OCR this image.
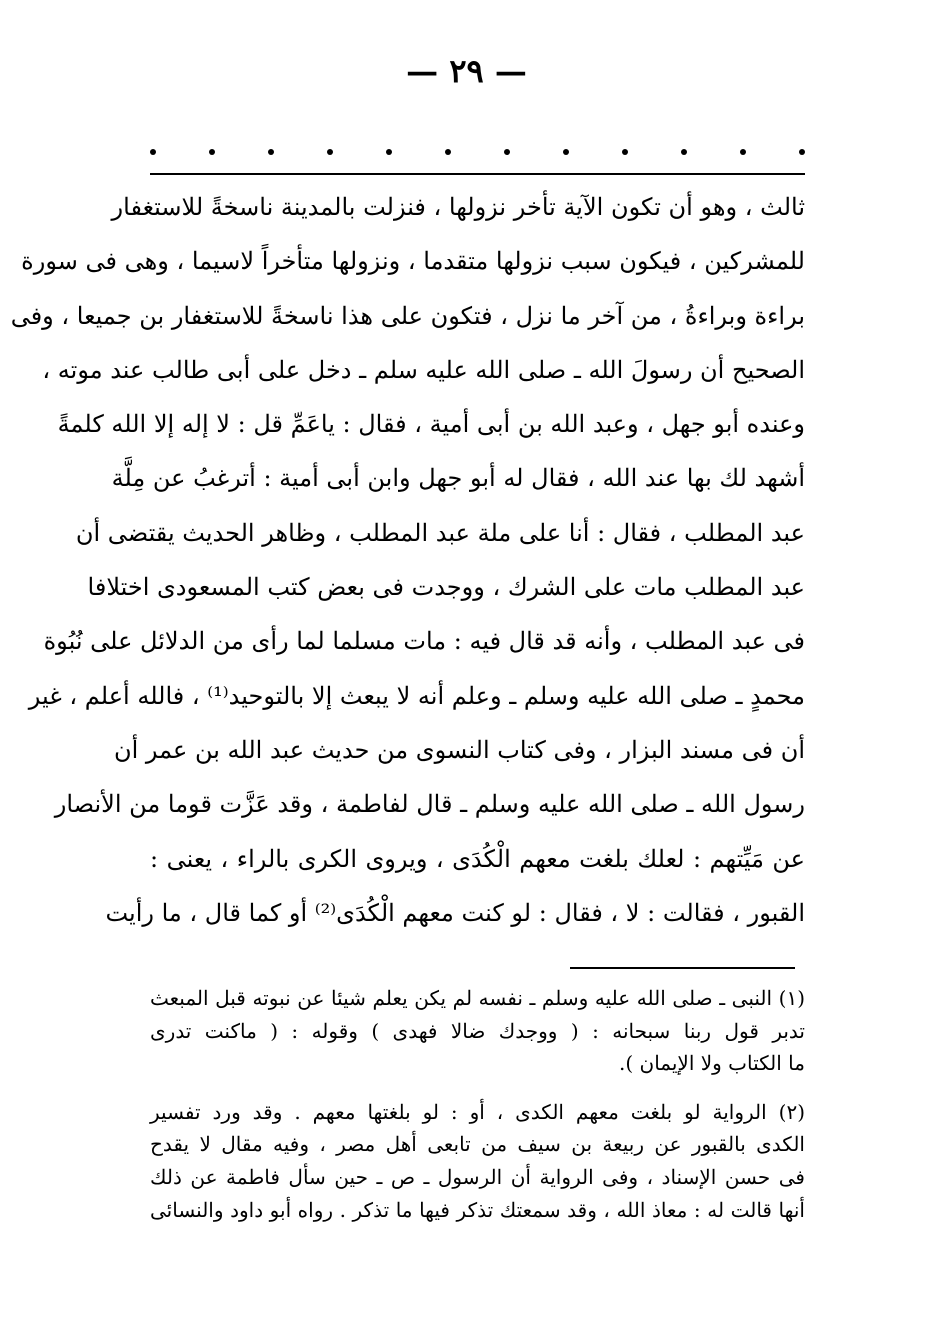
— ٢٩ —
ثالث ، وهو أن تكون الآية تأخر نزولها ، فنزلت بالمدينة ناسخةً للاستغفار
للمشركين ، فيكون سبب نزولها متقدما ، ونزولها متأخراً لاسيما ، وهى فى سورة
براءة وبراءةُ ، من آخر ما نزل ، فتكون على هذا ناسخةً للاستغفار بن جميعا ، وفى
الصحيح أن رسولَ الله ـ صلى الله عليه سلم ـ دخل على أبى طالب عند موته ،
وعنده أبو جهل ، وعبد الله بن أبى أمية ، فقال : ياعَمِّ قل : لا إله إلا الله كلمةً
أشهد لك بها عند الله ، فقال له أبو جهل وابن أبى أمية : أترغبُ عن مِلَّة
عبد المطلب ، فقال : أنا على ملة عبد المطلب ، وظاهر الحديث يقتضى أن
عبد المطلب مات على الشرك ، ووجدت فى بعض كتب المسعودى اختلافا
فى عبد المطلب ، وأنه قد قال فيه : مات مسلما لما رأى من الدلائل على نُبُوة
محمدٍ ـ صلى الله عليه وسلم ـ وعلم أنه لا يبعث إلا بالتوحيد⁽¹⁾ ، فالله أعلم ، غير
أن فى مسند البزار ، وفى كتاب النسوى من حديث عبد الله بن عمر أن
رسول الله ـ صلى الله عليه وسلم ـ قال لفاطمة ، وقد عَزَّت قوما من الأنصار
عن مَيِّتهم : لعلك بلغت معهم الْكُدَى ، ويروى الكرى بالراء ، يعنى :
القبور ، فقالت : لا ، فقال : لو كنت معهم الْكُدَى⁽²⁾ أو كما قال ، ما رأيت
(١) النبى ـ صلى الله عليه وسلم ـ نفسه لم يكن يعلم شيئا عن نبوته قبل المبعث
تدبر قول ربنا سبحانه : ( ووجدك ضالا فهدى ) وقوله : ( ماكنت تدرى
ما الكتاب ولا الإيمان ).
(٢) الرواية لو بلغت معهم الكدى ، أو : لو بلغتها معهم . وقد ورد تفسير
الكدى بالقبور عن ربيعة بن سيف من تابعى أهل مصر ، وفيه مقال لا يقدح
فى حسن الإسناد ، وفى الرواية أن الرسول ـ ص ـ حين سأل فاطمة عن ذلك
أنها قالت له : معاذ الله ، وقد سمعتك تذكر فيها ما تذكر . رواه أبو داود والنسائى
